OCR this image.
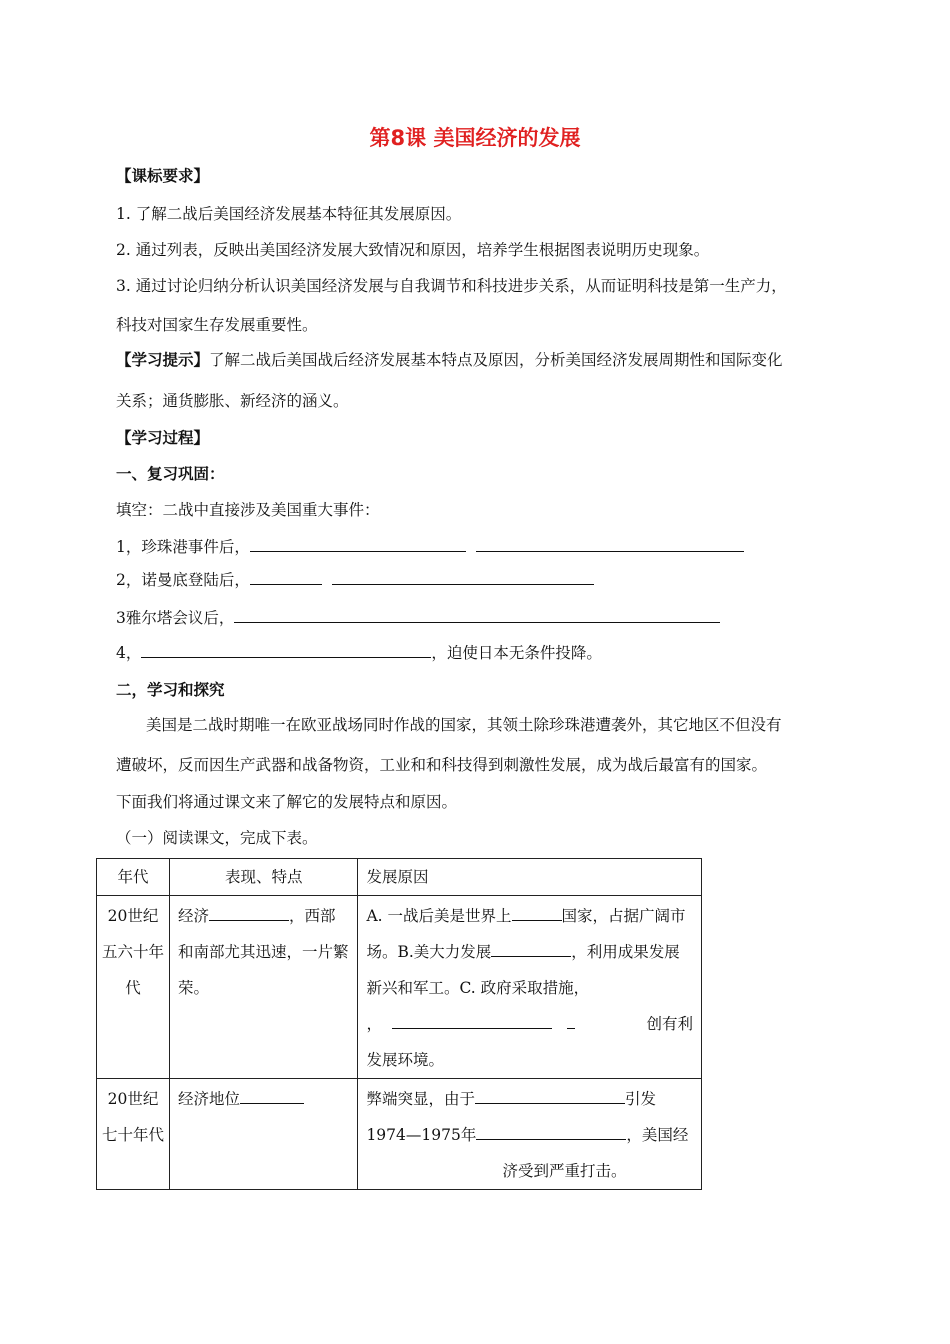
第8课 美国经济的发展
【课标要求】
1. 了解二战后美国经济发展基本特征其发展原因。
2. 通过列表，反映出美国经济发展大致情况和原因，培养学生根据图表说明历史现象。
3. 通过讨论归纳分析认识美国经济发展与自我调节和科技进步关系，从而证明科技是第一生产力，
科技对国家生存发展重要性。
【学习提示】了解二战后美国战后经济发展基本特点及原因，分析美国经济发展周期性和国际变化
关系；通货膨胀、新经济的涵义。
【学习过程】
一、复习巩固：
填空：二战中直接涉及美国重大事件：
1，珍珠港事件后，
2，诺曼底登陆后，
3雅尔塔会议后，
4，	，迫使日本无条件投降。
二，学习和探究
美国是二战时期唯一在欧亚战场同时作战的国家，其领土除珍珠港遭袭外，其它地区不但没有
遭破坏，反而因生产武器和战备物资，工业和和科技得到刺激性发展，成为战后最富有的国家。
下面我们将通过课文来了解它的发展特点和原因。
（一）阅读课文，完成下表。
年代	表现、特点	发展原因
20世纪五六十年代	经济 ，西部和南部尤其迅速，一片繁荣。	A. 一战后美是世界上 国家，占据广阔市场。B.美大力发展 ，利用成果发展新兴和军工。C. 政府采取措施，
， 创有利

发展环境。
20世纪七十年代	经济地位	弊端突显，由于 引发
1974—1975年 ，美国经
济受到严重打击。
